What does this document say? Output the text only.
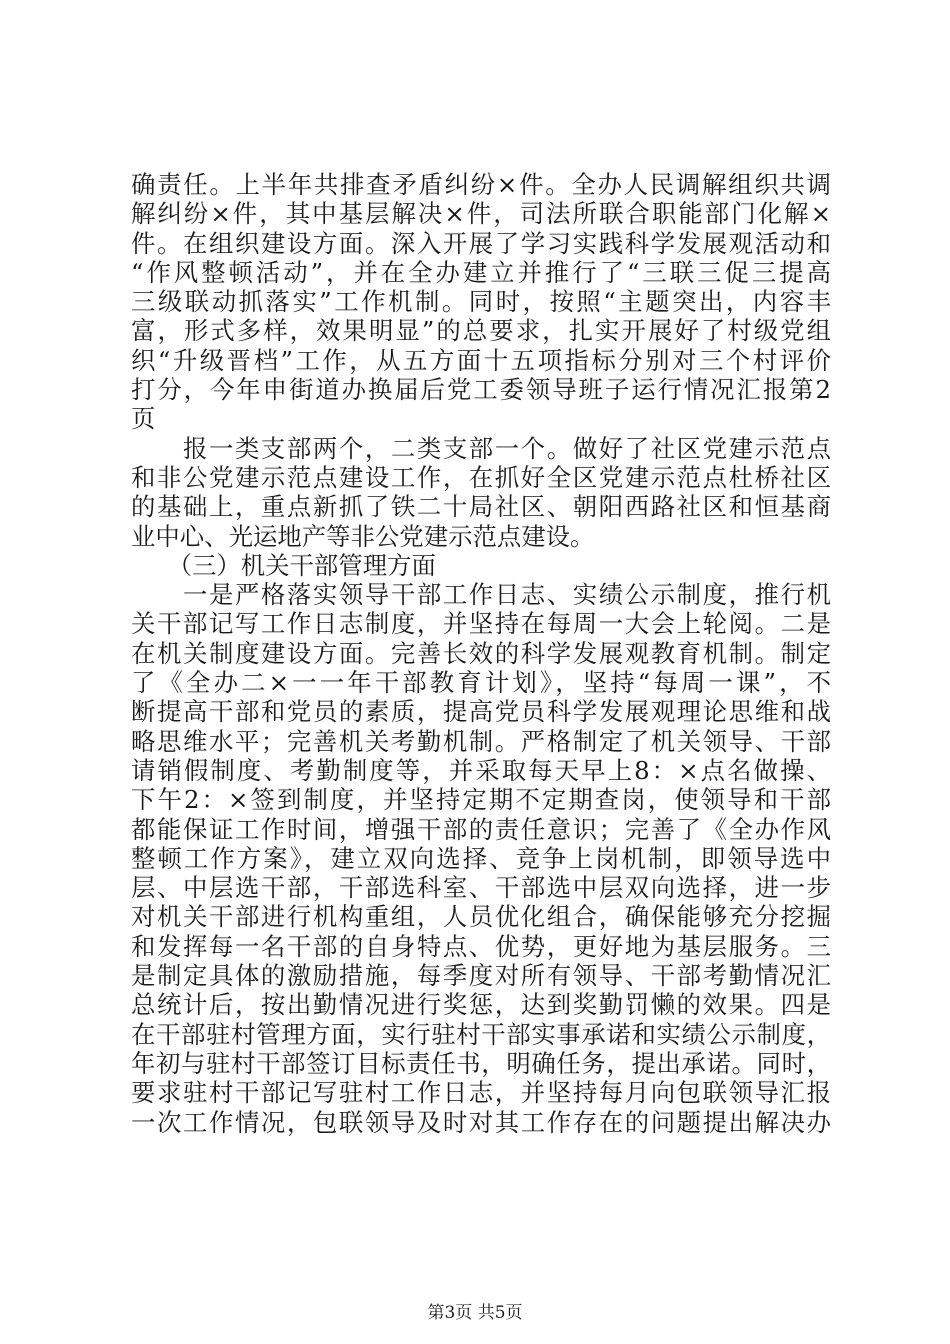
确责任。上半年共排查矛盾纠纷×件。全办人民调解组织共调
解纠纷×件，其中基层解决×件，司法所联合职能部门化解×
件。在组织建设方面。深入开展了学习实践科学发展观活动和
“作风整顿活动”，并在全办建立并推行了“三联三促三提高
三级联动抓落实”工作机制。同时，按照“主题突出，内容丰
富，形式多样，效果明显”的总要求，扎实开展好了村级党组
织“升级晋档”工作，从五方面十五项指标分别对三个村评价
打分，今年申街道办换届后党工委领导班子运行情况汇报第2
页
　　报一类支部两个，二类支部一个。做好了社区党建示范点
和非公党建示范点建设工作，在抓好全区党建示范点杜桥社区
的基础上，重点新抓了铁二十局社区、朝阳西路社区和恒基商
业中心、光运地产等非公党建示范点建设。
　　（三）机关干部管理方面
　　一是严格落实领导干部工作日志、实绩公示制度，推行机
关干部记写工作日志制度，并坚持在每周一大会上轮阅。二是
在机关制度建设方面。完善长效的科学发展观教育机制。制定
了《全办二×一一年干部教育计划》，坚持“每周一课”，不
断提高干部和党员的素质，提高党员科学发展观理论思维和战
略思维水平；完善机关考勤机制。严格制定了机关领导、干部
请销假制度、考勤制度等，并采取每天早上8：×点名做操、
下午2：×签到制度，并坚持定期不定期查岗，使领导和干部
都能保证工作时间，增强干部的责任意识；完善了《全办作风
整顿工作方案》，建立双向选择、竞争上岗机制，即领导选中
层、中层选干部，干部选科室、干部选中层双向选择，进一步
对机关干部进行机构重组，人员优化组合，确保能够充分挖掘
和发挥每一名干部的自身特点、优势，更好地为基层服务。三
是制定具体的激励措施，每季度对所有领导、干部考勤情况汇
总统计后，按出勤情况进行奖惩，达到奖勤罚懒的效果。四是
在干部驻村管理方面，实行驻村干部实事承诺和实绩公示制度，
年初与驻村干部签订目标责任书，明确任务，提出承诺。同时，
要求驻村干部记写驻村工作日志，并坚持每月向包联领导汇报
一次工作情况，包联领导及时对其工作存在的问题提出解决办
第3页 共5页
